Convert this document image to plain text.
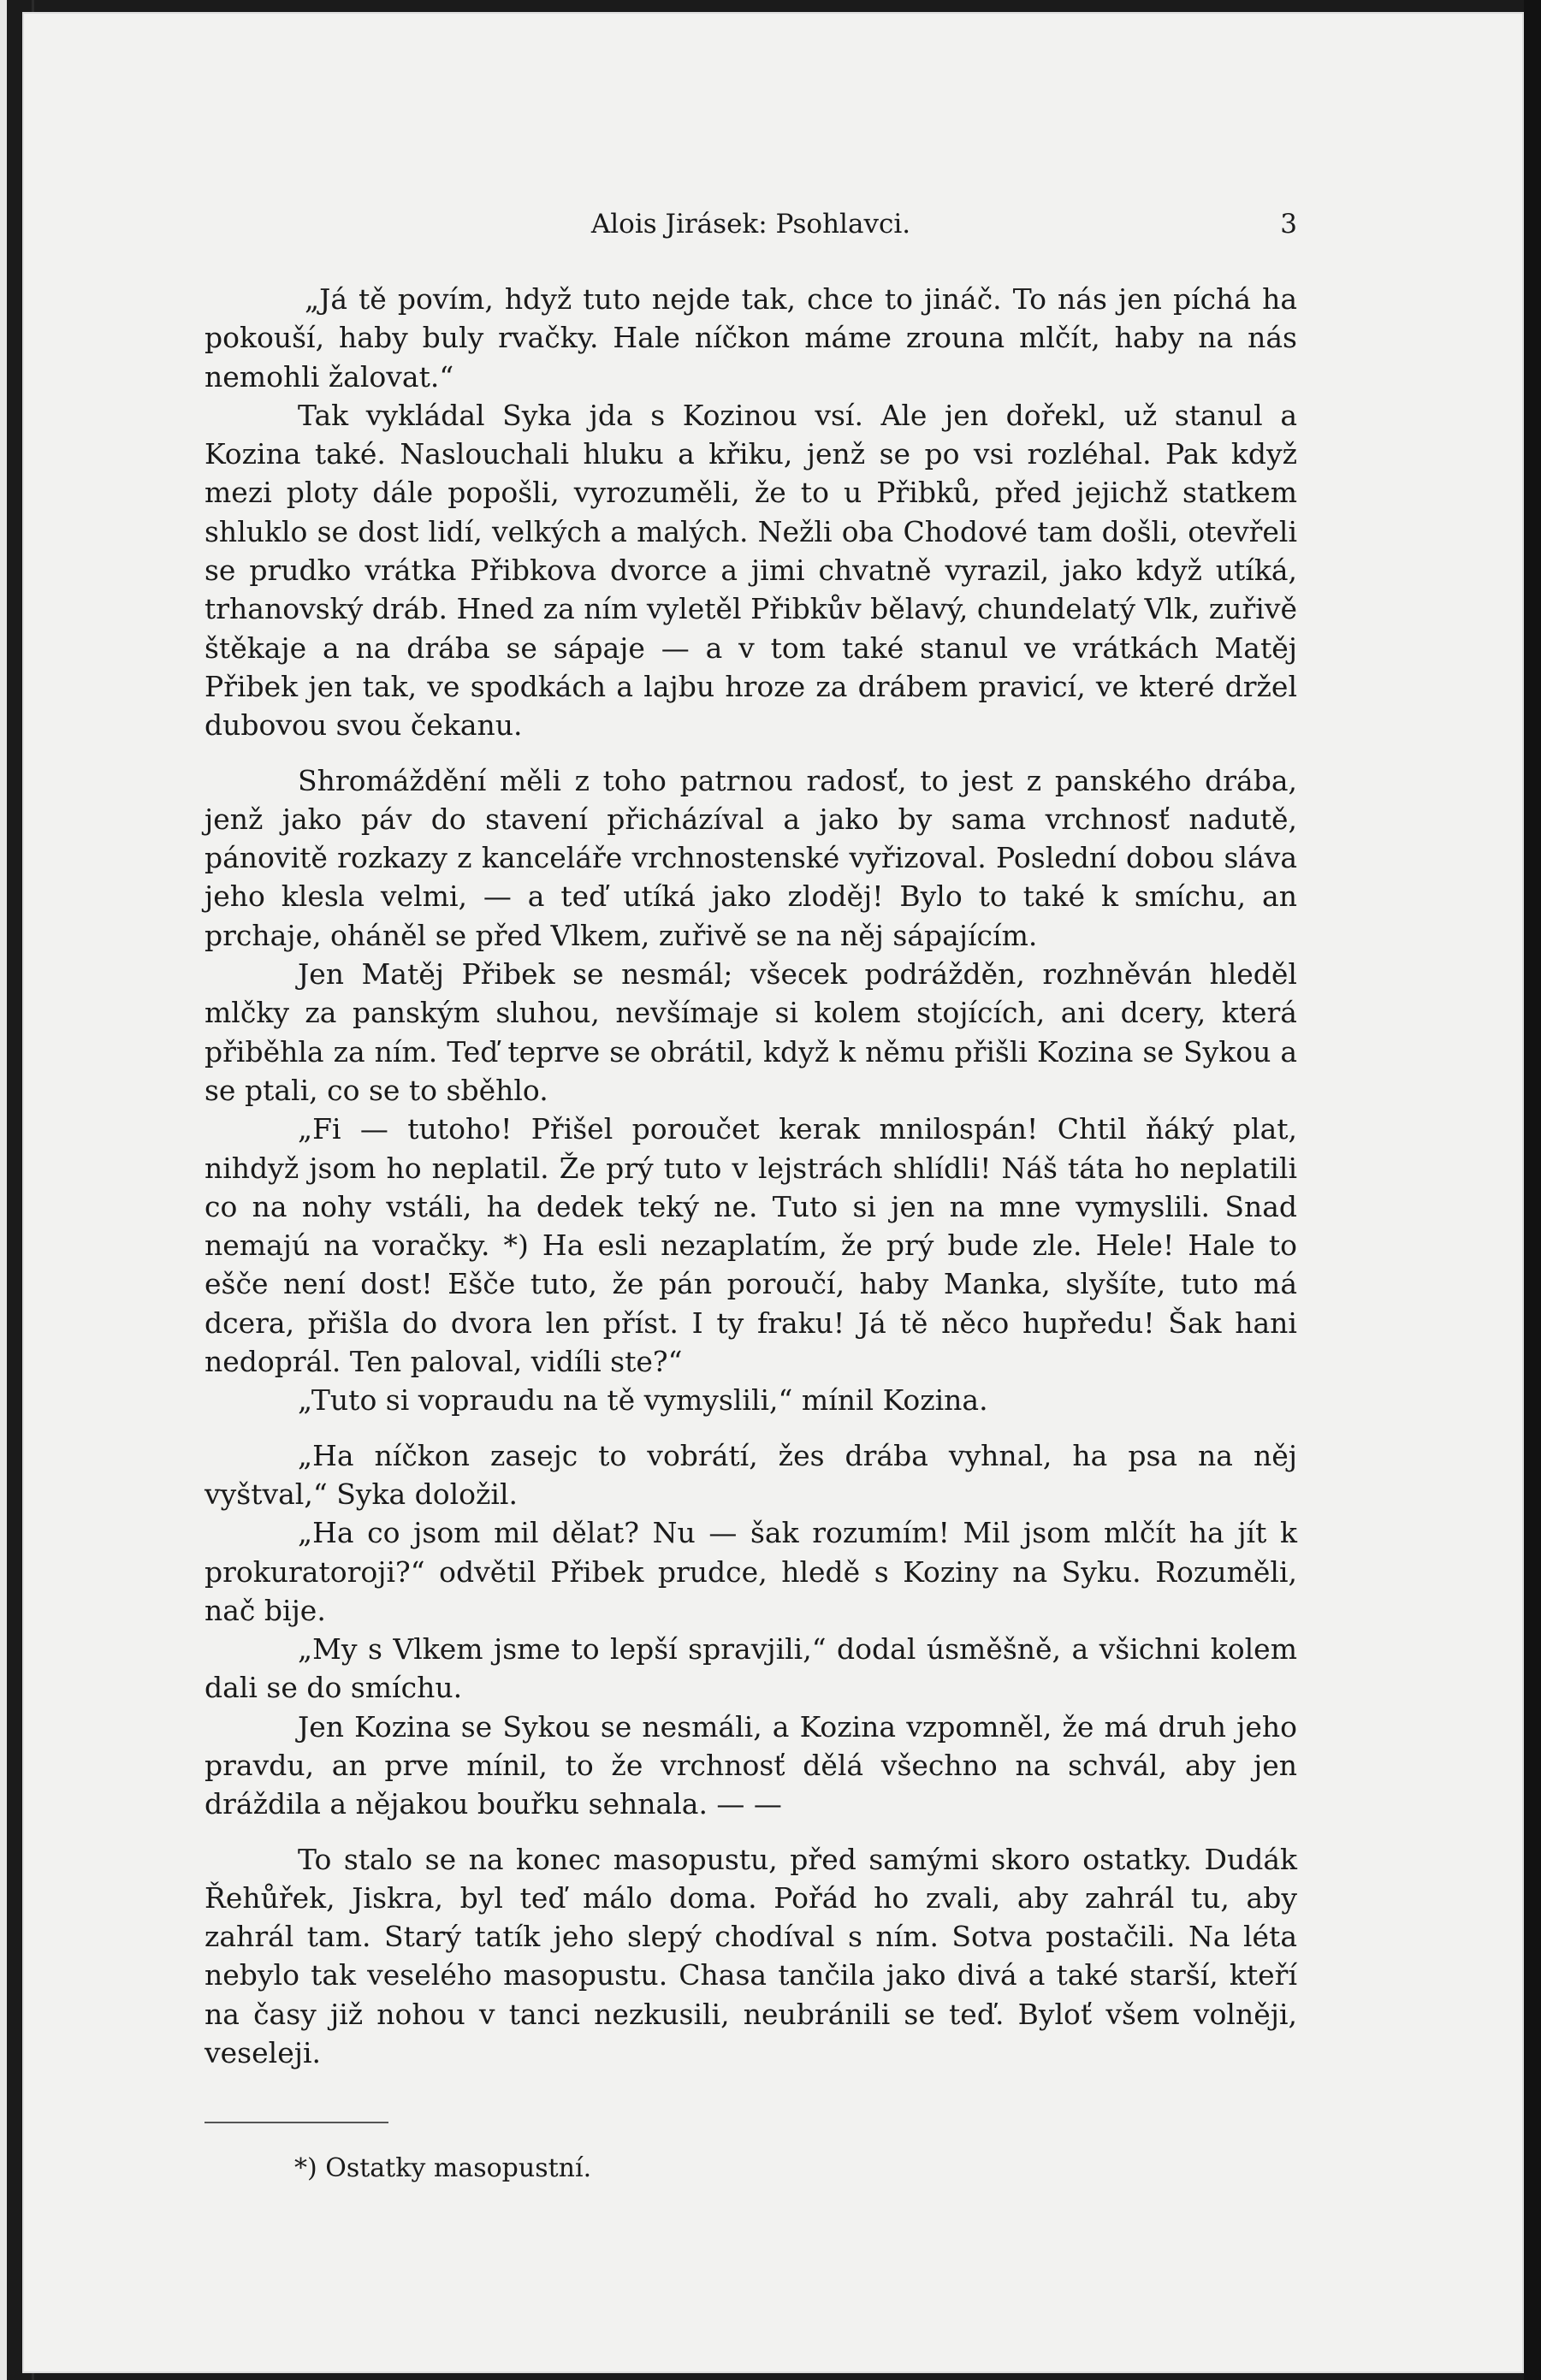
Alois Jirásek: Psohlavci.	3

„Já tě povím, hdyž tuto nejde tak, chce to jináč. To nás jen píchá ha pokouší, haby buly rvačky. Hale níčkon máme zrouna mlčít, haby na nás nemohli žalovat.“

Tak vykládal Syka jda s Kozinou vsí. Ale jen dořekl, už stanul a Kozina také. Naslouchali hluku a křiku, jenž se po vsi rozléhal. Pak když mezi ploty dále popošli, vyrozuměli, že to u Přibků, před jejichž statkem shluklo se dost lidí, velkých a malých. Nežli oba Chodové tam došli, otevřeli se prudko vrátka Přibkova dvorce a jimi chvatně vyrazil, jako když utíká, trhanovský dráb. Hned za ním vyletěl Přibkův bělavý, chundelatý Vlk, zuřivě štěkaje a na drába se sápaje — a v tom také stanul ve vrátkách Matěj Přibek jen tak, ve spodkách a lajbu hroze za drábem pravicí, ve které držel dubovou svou čekanu.

Shromáždění měli z toho patrnou radosť, to jest z panského drába, jenž jako páv do stavení přicházíval a jako by sama vrchnosť nadutě, pánovitě rozkazy z kanceláře vrchnostenské vyřizoval. Poslední dobou sláva jeho klesla velmi, — a teď utíká jako zloděj! Bylo to také k smíchu, an prchaje, oháněl se před Vlkem, zuřivě se na něj sápajícím.

Jen Matěj Přibek se nesmál; všecek podrážděn, rozhněván hleděl mlčky za panským sluhou, nevšímaje si kolem stojících, ani dcery, která přiběhla za ním. Teď teprve se obrátil, když k němu přišli Kozina se Sykou a se ptali, co se to sběhlo.

„Fi — tutoho! Přišel poroučet kerak mnilospán! Chtil ňáký plat, nihdyž jsom ho neplatil. Že prý tuto v lejstrách shlídli! Náš táta ho neplatili co na nohy vstáli, ha dedek teký ne. Tuto si jen na mne vymyslili. Snad nemajú na voračky. *) Ha esli nezaplatím, že prý bude zle. Hele! Hale to ešče není dost! Ešče tuto, že pán poroučí, haby Manka, slyšíte, tuto má dcera, přišla do dvora len příst. I ty fraku! Já tě něco hupředu! Šak hani nedoprál. Ten paloval, vidíli ste?“

„Tuto si vopraudu na tě vymyslili,“ mínil Kozina.

„Ha níčkon zasejc to vobrátí, žes drába vyhnal, ha psa na něj vyštval,“ Syka doložil.

„Ha co jsom mil dělat? Nu — šak rozumím! Mil jsom mlčít ha jít k prokuratoroji?“ odvětil Přibek prudce, hledě s Koziny na Syku. Rozuměli, nač bije.

„My s Vlkem jsme to lepší spravjili,“ dodal úsměšně, a všichni kolem dali se do smíchu.

Jen Kozina se Sykou se nesmáli, a Kozina vzpomněl, že má druh jeho pravdu, an prve mínil, to že vrchnosť dělá všechno na schvál, aby jen dráždila a nějakou bouřku sehnala. — —

To stalo se na konec masopustu, před samými skoro ostatky. Dudák Řehůřek, Jiskra, byl teď málo doma. Pořád ho zvali, aby zahrál tu, aby zahrál tam. Starý tatík jeho slepý chodíval s ním. Sotva postačili. Na léta nebylo tak veselého masopustu. Chasa tančila jako divá a také starší, kteří na časy již nohou v tanci nezkusili, neubránili se teď. Byloť všem volněji, veseleji.

*) Ostatky masopustní.
